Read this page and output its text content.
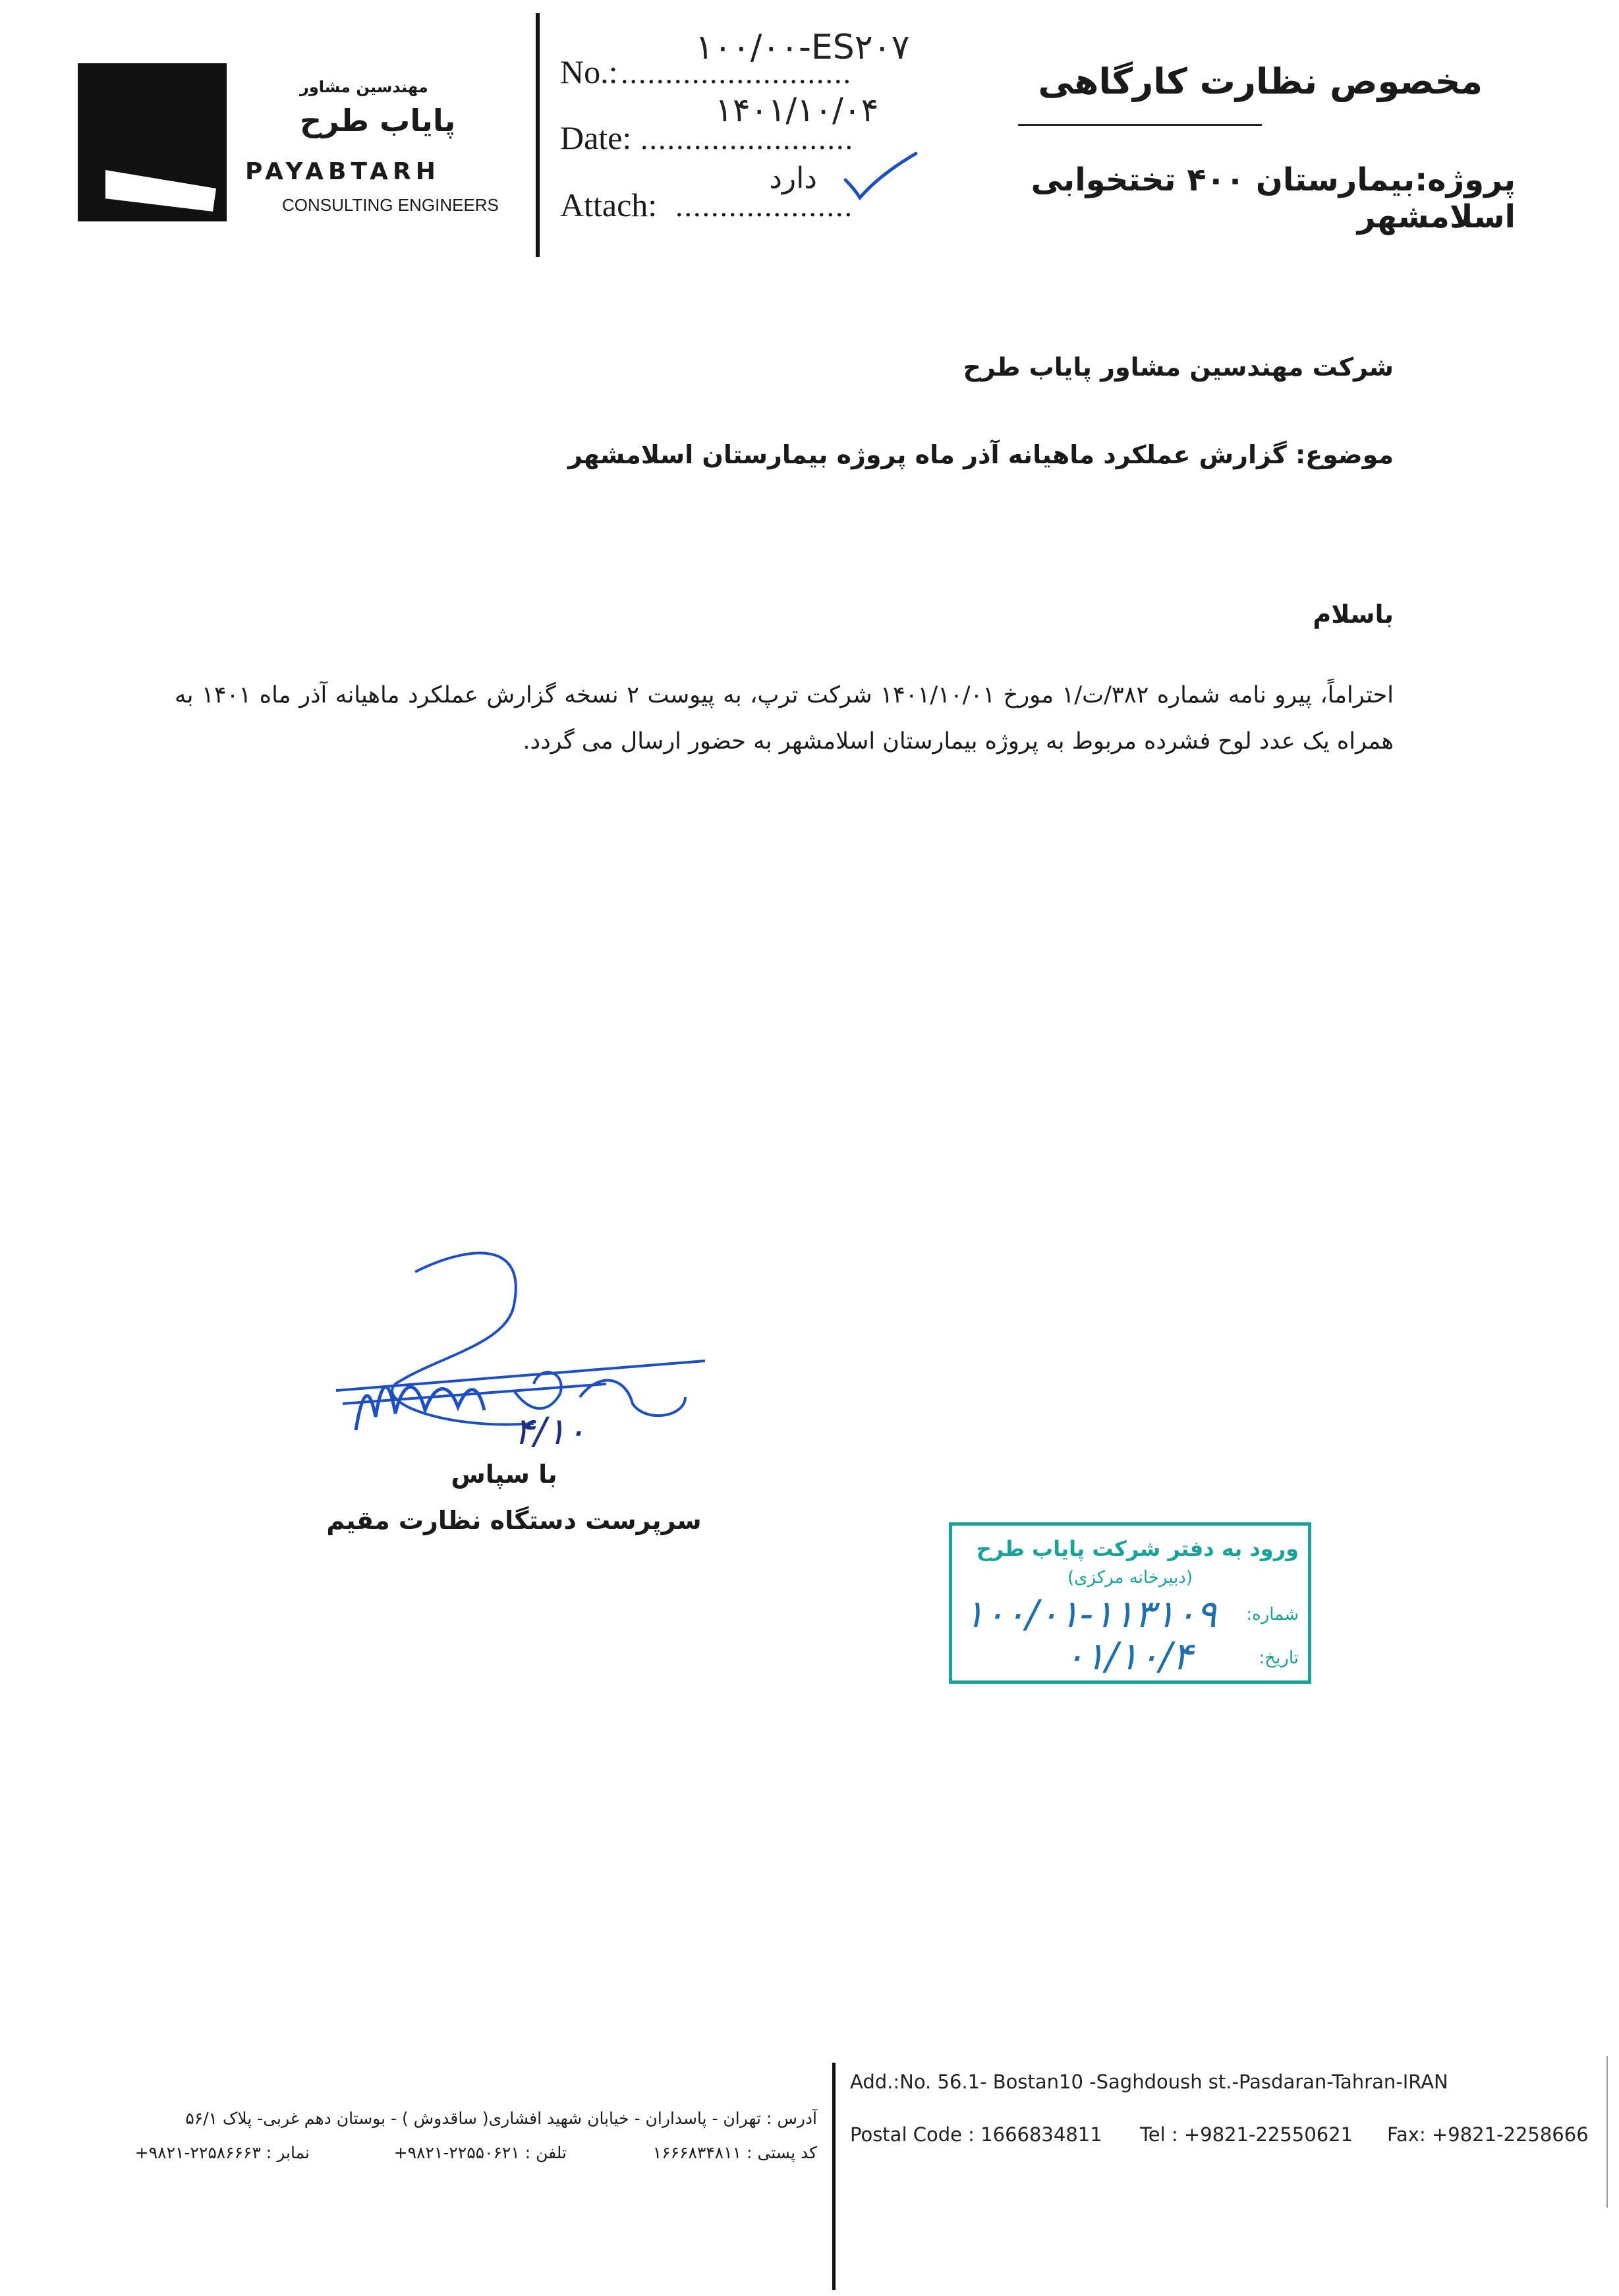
مهندسین مشاور
پایاب طرح
PAYABTARH
CONSULTING ENGINEERS
No.: ..........................
۱۰۰/۰۰-ES۲۰۷
Date: ........................
۱۴۰۱/۱۰/۰۴
Attach: ....................
دارد
مخصوص نظارت کارگاهی
پروژه:بیمارستان ۴۰۰ تختخوابی اسلامشهر
شرکت مهندسین مشاور پایاب طرح
موضوع: گزارش عملکرد ماهیانه آذر ماه پروژه بیمارستان اسلامشهر
باسلام
احتراماً، پیرو نامه شماره ۳۸۲/ت/۱ مورخ ۱۴۰۱/۱۰/۰۱ شرکت ترپ، به پیوست ۲ نسخه گزارش عملکرد ماهیانه آذر ماه ۱۴۰۱ به همراه یک عدد لوح فشرده مربوط به پروژه بیمارستان اسلامشهر به حضور ارسال می گردد.
۴/۱۰
با سپاس
سرپرست دستگاه نظارت مقیم
ورود به دفتر شرکت پایاب طرح
(دبیرخانه مرکزی)
شماره:
تاریخ:
۱۰۰/۰۱-۱۱۳۱۰۹
۰۱/۱۰/۴
آدرس : تهران - پاسداران - خیابان شهید افشاری( ساقدوش ) - بوستان دهم غربی- پلاک ۵۶/۱
کد پستی : ۱۶۶۶۸۳۴۸۱۱
تلفن : ۲۲۵۵۰۶۲۱-۹۸۲۱+
نمابر : ۲۲۵۸۶۶۶۳-۹۸۲۱+
Add.:No. 56.1- Bostan10 -Saghdoush st.-Pasdaran-Tahran-IRAN
Postal Code : 1666834811 Tel : +9821-22550621 Fax: +9821-2258666
